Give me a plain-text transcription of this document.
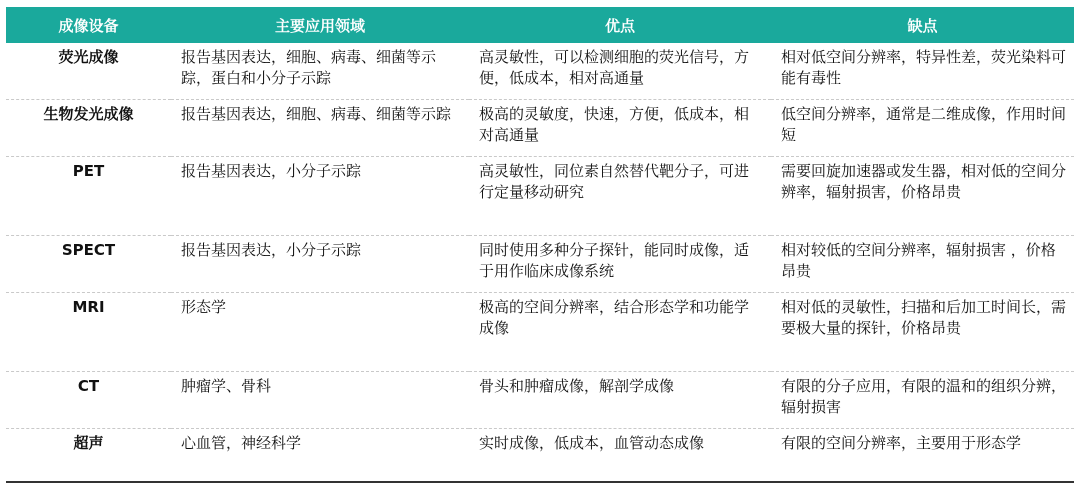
成像设备	主要应用领域	优点	缺点
荧光成像	报告基因表达，细胞、病毒、细菌等示踪，蛋白和小分子示踪	高灵敏性，可以检测细胞的荧光信号，方便，低成本，相对高通量	相对低空间分辨率，特异性差，荧光染料可能有毒性
生物发光成像	报告基因表达，细胞、病毒、细菌等示踪	极高的灵敏度，快速，方便，低成本，相对高通量	低空间分辨率，通常是二维成像，作用时间短
PET	报告基因表达，小分子示踪	高灵敏性，同位素自然替代靶分子，可进行定量移动研究	需要回旋加速器或发生器，相对低的空间分辨率，辐射损害，价格昂贵
SPECT	报告基因表达，小分子示踪	同时使用多种分子探针，能同时成像，适于用作临床成像系统	相对较低的空间分辨率，辐射损害 ，价格昂贵
MRI	形态学	极高的空间分辨率，结合形态学和功能学成像	相对低的灵敏性，扫描和后加工时间长，需要极大量的探针，价格昂贵
CT	肿瘤学、骨科	骨头和肿瘤成像，解剖学成像	有限的分子应用，有限的温和的组织分辨，辐射损害
超声	心血管，神经科学	实时成像，低成本，血管动态成像	有限的空间分辨率，主要用于形态学
